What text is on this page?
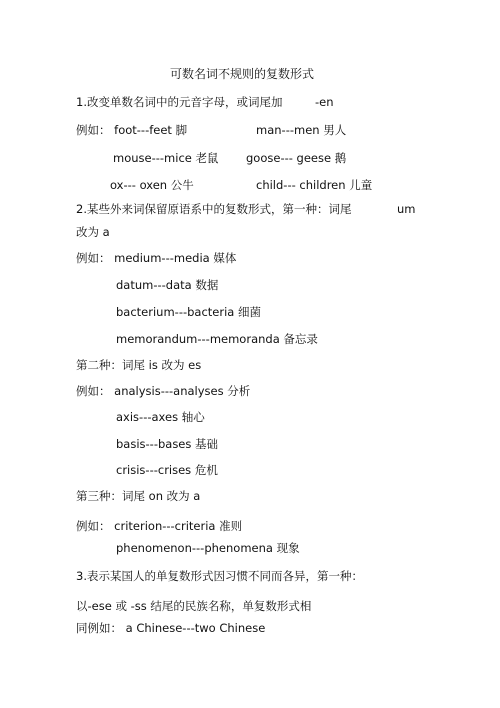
可数名词不规则的复数形式
1.改变单数名词中的元音字母，或词尾加	-en
例如： foot---feet 脚	man---men 男人
mouse---mice 老鼠 goose--- geese 鹅
ox--- oxen 公牛	child--- children 儿童
2.某些外来词保留原语系中的复数形式，第一种：词尾	um
改为 a
例如： medium---media 媒体
datum---data 数据
bacterium---bacteria 细菌
memorandum---memoranda 备忘录
第二种：词尾 is 改为 es
例如： analysis---analyses 分析
axis---axes 轴心
basis---bases 基础
crisis---crises 危机
第三种：词尾 on 改为 a
例如： criterion---criteria 准则
phenomenon---phenomena 现象
3.表示某国人的单复数形式因习惯不同而各异，第一种：
以-ese 或 -ss 结尾的民族名称，单复数形式相
同例如： a Chinese---two Chinese
